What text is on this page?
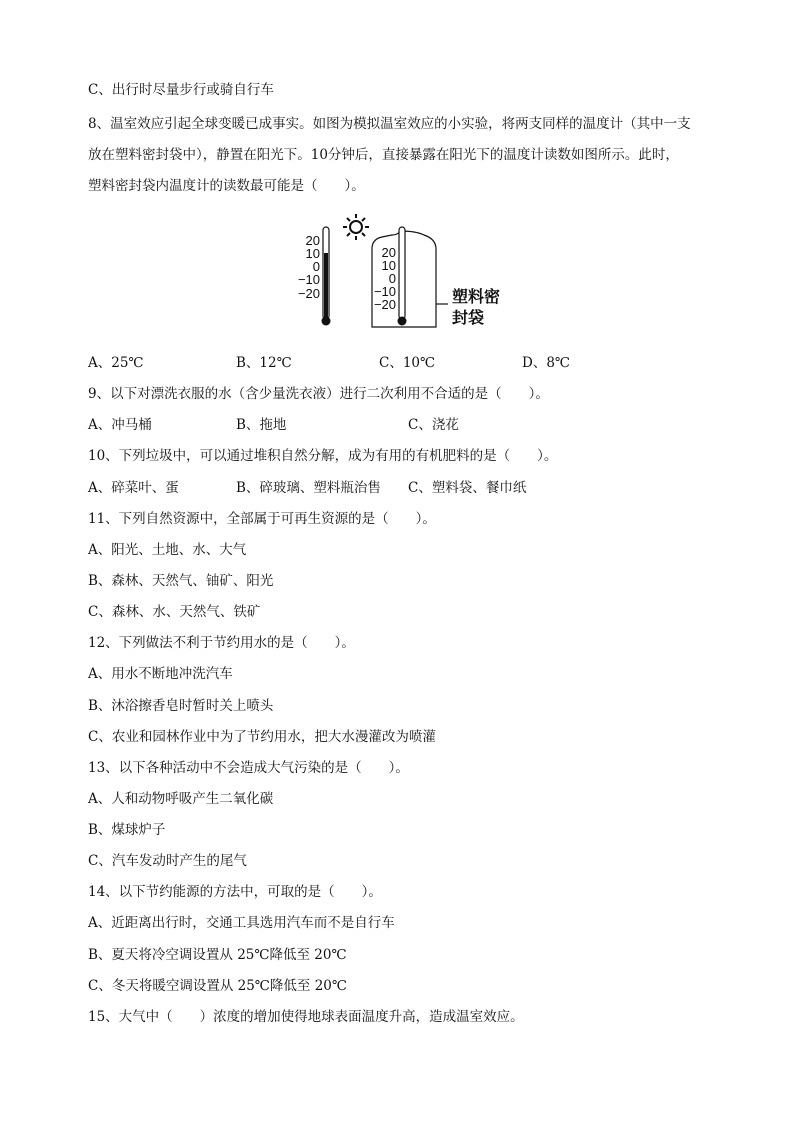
C、出行时尽量步行或骑自行车
8、温室效应引起全球变暖已成事实。如图为模拟温室效应的小实验，将两支同样的温度计（其中一支
放在塑料密封袋中），静置在阳光下。10分钟后，直接暴露在阳光下的温度计读数如图所示。此时，
塑料密封袋内温度计的读数最可能是（　　）。
20
10
0
−10
−20
20
10
0
−10
−20	塑料密
封袋
A、25℃	B、12℃	C、10℃	D、8℃
9、以下对漂洗衣服的水（含少量洗衣液）进行二次利用不合适的是（　　）。
A、冲马桶	B、拖地	C、浇花
10、下列垃圾中，可以通过堆积自然分解，成为有用的有机肥料的是（　　）。
A、碎菜叶、蛋	B、碎玻璃、塑料瓶治售 C、塑料袋、餐巾纸
11、下列自然资源中，全部属于可再生资源的是（　　）。
A、阳光、土地、水、大气
B、森林、天然气、铀矿、阳光
C、森林、水、天然气、铁矿
12、下列做法不利于节约用水的是（　　）。
A、用水不断地冲洗汽车
B、沐浴擦香皂时暂时关上喷头
C、农业和园林作业中为了节约用水，把大水漫灌改为喷灌
13、以下各种活动中不会造成大气污染的是（　　）。
A、人和动物呼吸产生二氧化碳
B、煤球炉子
C、汽车发动时产生的尾气
14、以下节约能源的方法中，可取的是（　　）。
A、近距离出行时，交通工具选用汽车而不是自行车
B、夏天将冷空调设置从 25℃降低至 20℃
C、冬天将暖空调设置从 25℃降低至 20℃
15、大气中（　　）浓度的增加使得地球表面温度升高，造成温室效应。
